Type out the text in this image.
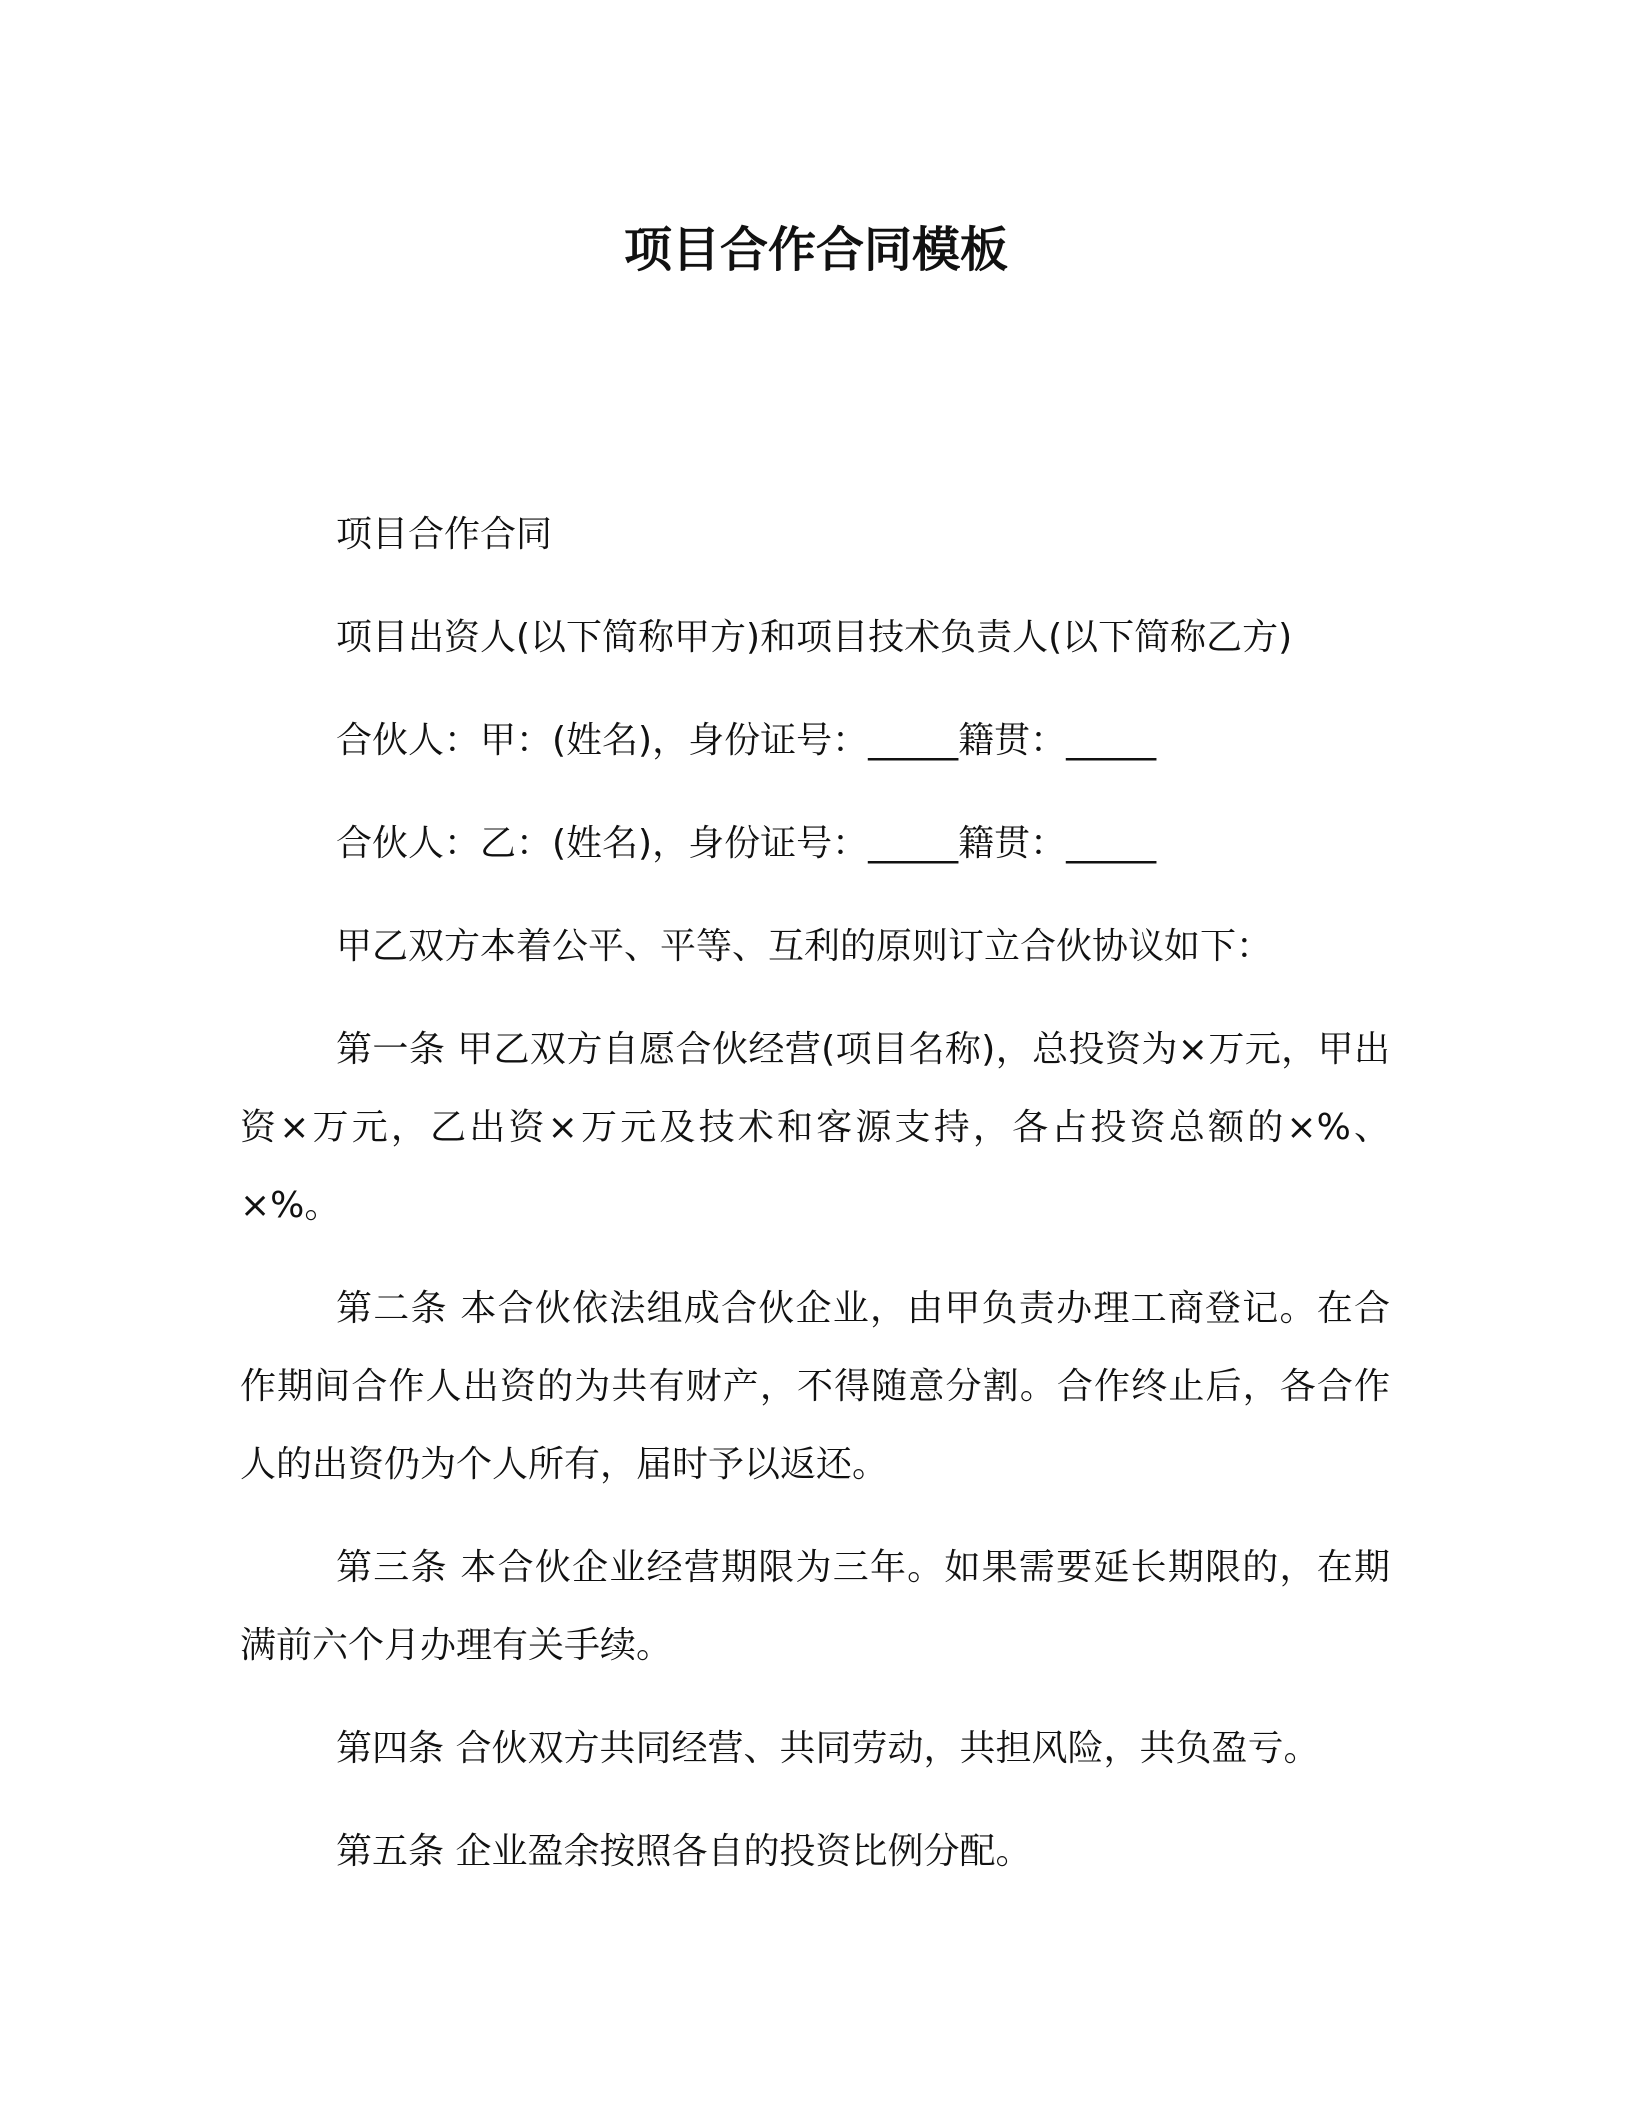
项目合作合同模板

项目合作合同

项目出资人(以下简称甲方)和项目技术负责人(以下简称乙方)

合伙人：甲：(姓名)，身份证号：_____籍贯：_____

合伙人：乙：(姓名)，身份证号：_____籍贯：_____

甲乙双方本着公平、平等、互利的原则订立合伙协议如下：

第一条 甲乙双方自愿合伙经营(项目名称)，总投资为×万元，甲出资×万元，乙出资×万元及技术和客源支持，各占投资总额的×%、×%。

第二条 本合伙依法组成合伙企业，由甲负责办理工商登记。在合作期间合作人出资的为共有财产，不得随意分割。合作终止后，各合作人的出资仍为个人所有，届时予以返还。

第三条 本合伙企业经营期限为三年。如果需要延长期限的，在期满前六个月办理有关手续。

第四条 合伙双方共同经营、共同劳动，共担风险，共负盈亏。

第五条 企业盈余按照各自的投资比例分配。
